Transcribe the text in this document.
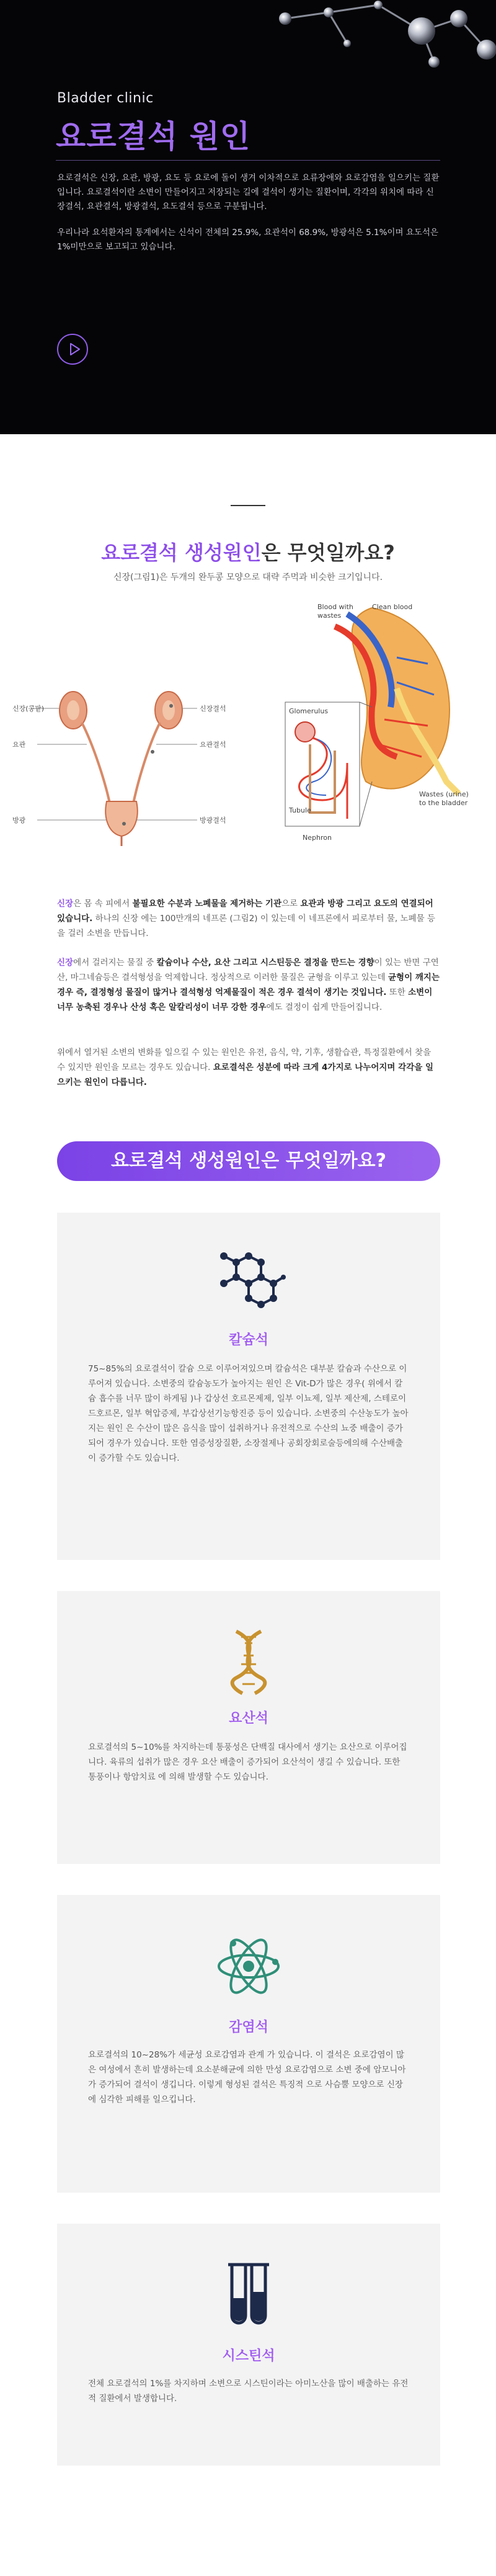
Bladder clinic
요로결석 원인

요로결석은 신장, 요관, 방광, 요도 등 요로에 돌이 생겨 이차적으로 요류장애와 요로감염을 일으키는 질환입니다. 요로결석이란 소변이 만들어지고 저장되는 길에 결석이 생기는 질환이며, 각각의 위치에 따라 신장결석, 요관결석, 방광결석, 요도결석 등으로 구분됩니다.

우리나라 요석환자의 통계에서는 신석이 전체의 25.9%, 요관석이 68.9%, 방광석은 5.1%이며 요도석은 1%미만으로 보고되고 있습니다.

요로결석 생성원인은 무엇일까요?
신장(그림1)은 두개의 완두콩 모양으로 대략 주먹과 비슷한 크기입니다.
신장(콩팥)
요관
방광
신장결석
요관결석
방광결석
Blood with
wastes
Clean blood
Glomerulus
Tubule
Nephron
Wastes (urine)
to the bladder

신장은 몸 속 피에서 불필요한 수분과 노폐물을 제거하는 기관으로 요관과 방광 그리고 요도의 연결되어 있습니다. 하나의 신장 에는 100만개의 네프론 (그림2) 이 있는데 이 네프론에서 피로부터 물, 노폐물 등을 걸러 소변을 만듭니다.

신장에서 걸러지는 물질 중 칼슘이나 수산, 요산 그리고 시스틴등은 결정을 만드는 경향이 있는 반면 구연산, 마그네슘등은 결석형성을 억제합니다. 정상적으로 이러한 물질은 균형을 이루고 있는데 균형이 깨지는 경우 즉, 결정형성 물질이 많거나 결석형성 억제물질이 적은 경우 결석이 생기는 것입니다. 또한 소변이 너무 농축된 경우나 산성 혹은 알칼리성이 너무 강한 경우에도 결정이 쉽게 만들어집니다.

위에서 열거된 소변의 변화를 일으킬 수 있는 원인은 유전, 음식, 약, 기후, 생활습관, 특정질환에서 찾을 수 있지만 원인을 모르는 경우도 있습니다. 요로결석은 성분에 따라 크게 4가지로 나누어지며 각각을 일으키는 원인이 다릅니다.

요로결석 생성원인은 무엇일까요?
칼슘석
75~85%의 요로결석이 칼슘 으로 이루어져있으며 칼슘석은 대부분 칼슘과 수산으로 이루어져 있습니다. 소변중의 칼슘농도가 높아지는 원인 은 Vit-D가 많은 경우( 위에서 칼슘 흡수를 너무 많이 하게됨 )나 갑상선 호르몬제제, 일부 이뇨제, 일부 제산제, 스테로이드호르몬, 일부 혁압증제, 부갑상선기능항진증 등이 있습니다. 소변중의 수산농도가 높아지는 원인 은 수산이 많은 음식을 많이 섭취하거나 유전적으로 수산의 뇨중 배출이 증가되어 경우가 있습니다. 또한 염증성장질환, 소장절제나 공회장회로술등에의해 수산배출이 증가할 수도 있습니다.
요산석
요로결석의 5~10%를 차지하는데 통풍성은 단백질 대사에서 생기는 요산으로 이루어집니다. 육류의 섭취가 많은 경우 요산 배출이 증가되어 요산석이 생길 수 있습니다. 또한 통풍이나 항암치료 에 의해 발생할 수도 있습니다.
감염석
요로결석의 10~28%가 세균성 요로감염과 관계 가 있습니다. 이 결석은 요로감염이 많은 여성에서 흔히 발생하는데 요소분해균에 의한 만성 요로감염으로 소변 중에 암모니아가 증가되어 결석이 생깁니다. 이렇게 형성된 결석은 특징적 으로 사슴뿔 모양으로 신장에 심각한 피해를 일으킵니다.
시스틴석
전체 요로결석의 1%를 차지하며 소변으로 시스틴이라는 아미노산을 많이 배출하는 유전적 질환에서 발생합니다.
